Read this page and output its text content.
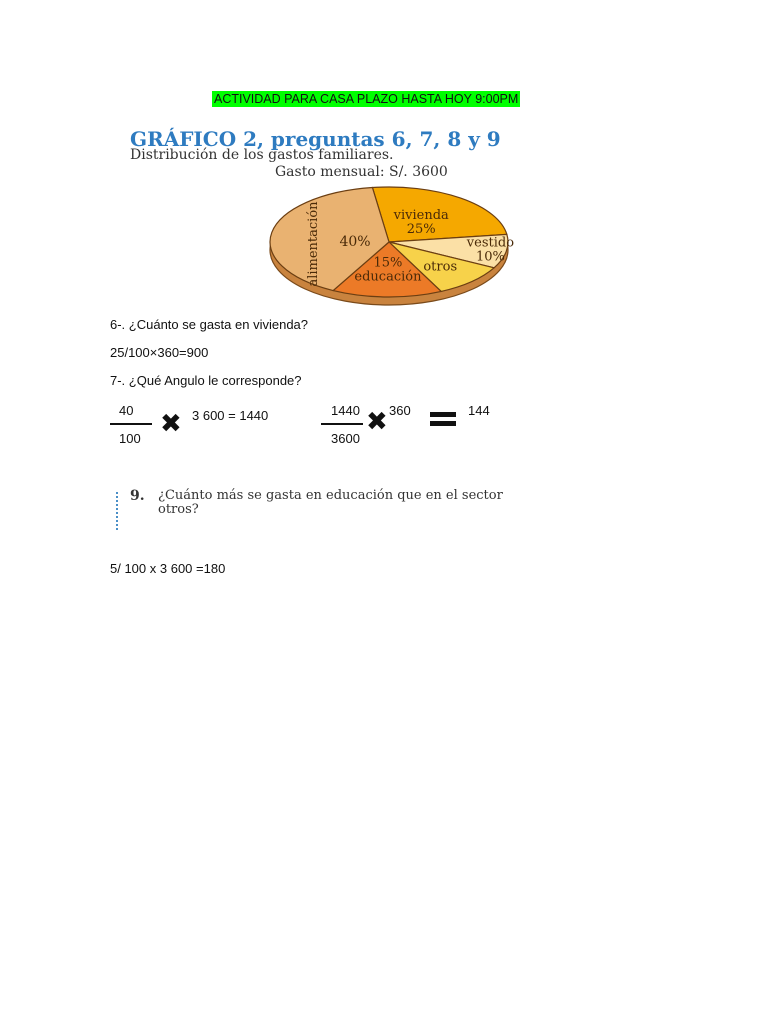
ACTIVIDAD PARA CASA PLAZO HASTA HOY 9:00PM
GRÁFICO 2, preguntas 6, 7, 8 y 9
Distribución de los gastos familiares.
Gasto mensual: S/. 3600
vivienda
25%
vestido
10%
otros
15%
educación
alimentación 40%
6-. ¿Cuánto se gasta en vivienda?
25/100×360=900
7-. ¿Qué Angulo le corresponde?
40
100
✖ 3 600 = 1440	1440
3600
✖ 360	144
9. ¿Cuánto más se gasta en educación que en el sector
otros?
5/ 100 x 3 600 =180
